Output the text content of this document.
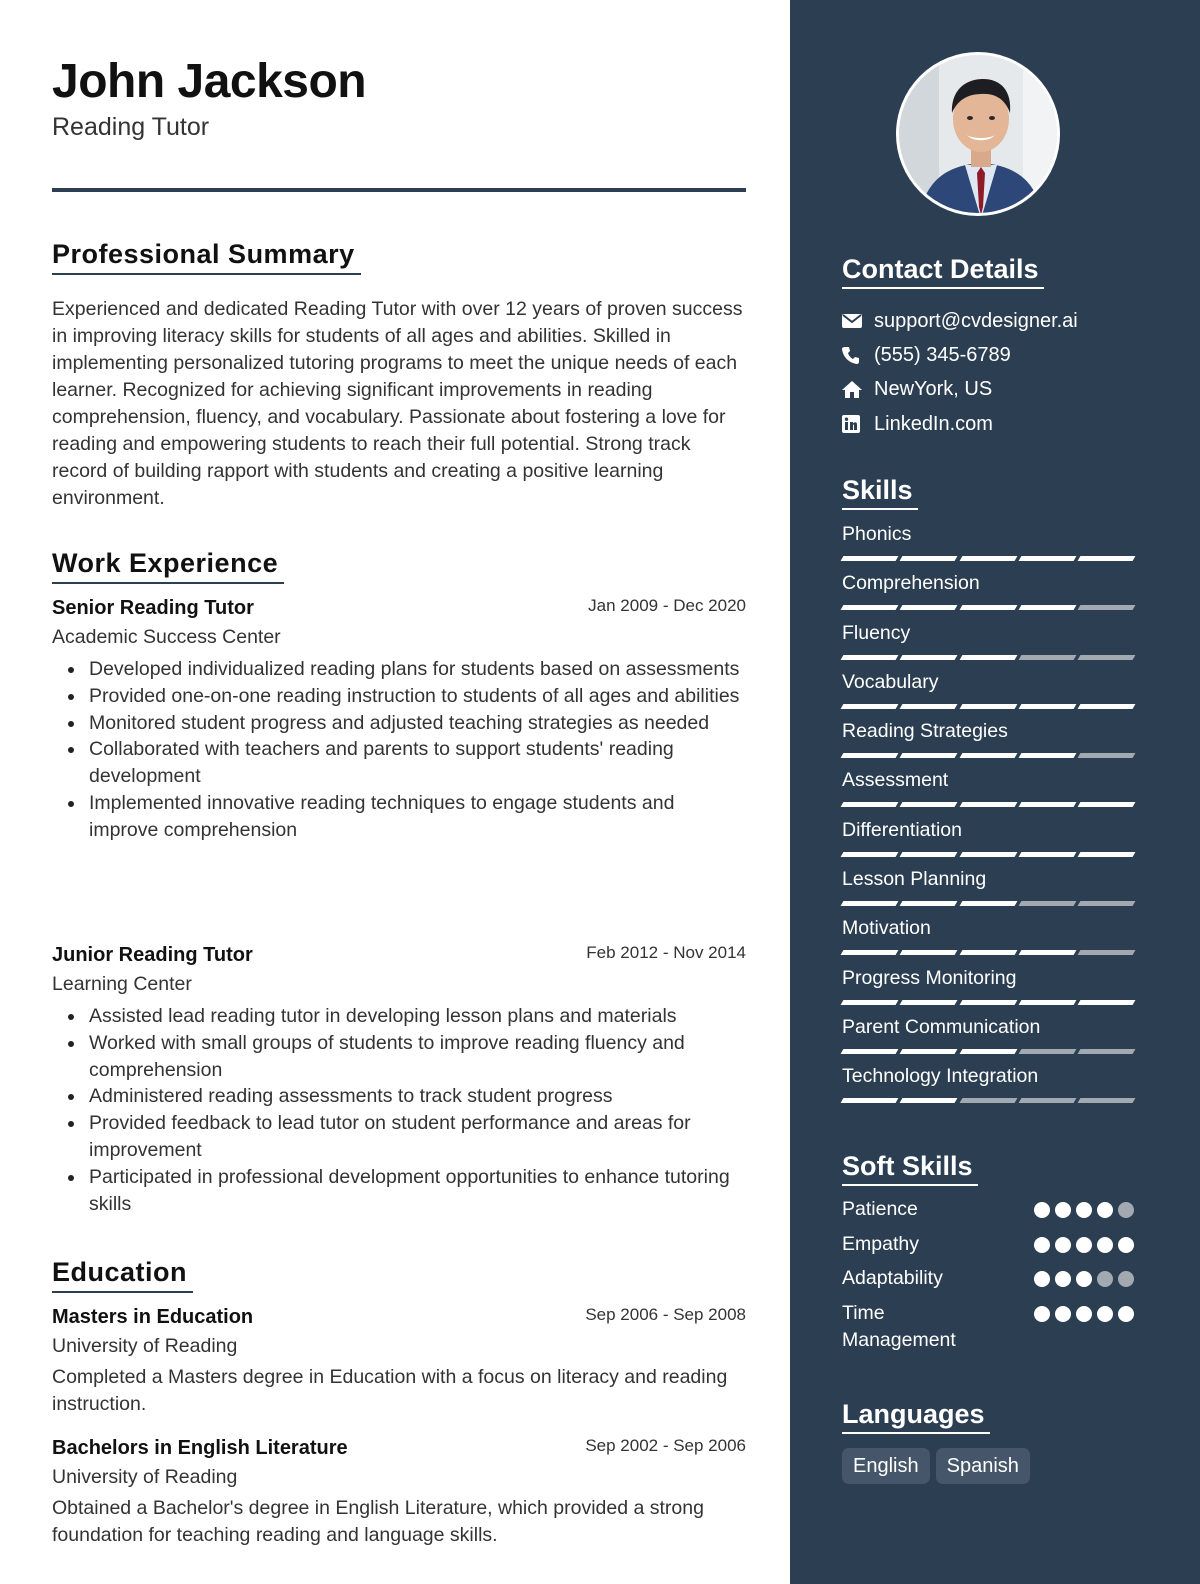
John Jackson
Reading Tutor
Professional Summary
Experienced and dedicated Reading Tutor with over 12 years of proven success in improving literacy skills for students of all ages and abilities. Skilled in implementing personalized tutoring programs to meet the unique needs of each learner. Recognized for achieving significant improvements in reading comprehension, fluency, and vocabulary. Passionate about fostering a love for reading and empowering students to reach their full potential. Strong track record of building rapport with students and creating a positive learning environment.
Work Experience
Senior Reading Tutor	Jan 2009 - Dec 2020
Academic Success Center
Developed individualized reading plans for students based on assessments
Provided one-on-one reading instruction to students of all ages and abilities
Monitored student progress and adjusted teaching strategies as needed
Collaborated with teachers and parents to support students' reading development
Implemented innovative reading techniques to engage students and improve comprehension
Junior Reading Tutor	Feb 2012 - Nov 2014
Learning Center
Assisted lead reading tutor in developing lesson plans and materials
Worked with small groups of students to improve reading fluency and comprehension
Administered reading assessments to track student progress
Provided feedback to lead tutor on student performance and areas for improvement
Participated in professional development opportunities to enhance tutoring skills
Education
Masters in Education	Sep 2006 - Sep 2008
University of Reading
Completed a Masters degree in Education with a focus on literacy and reading instruction.
Bachelors in English Literature	Sep 2002 - Sep 2006
University of Reading
Obtained a Bachelor's degree in English Literature, which provided a strong foundation for teaching reading and language skills.
Contact Details
support@cvdesigner.ai
(555) 345-6789
NewYork, US
LinkedIn.com
Skills
Phonics
Comprehension
Fluency
Vocabulary
Reading Strategies
Assessment
Differentiation
Lesson Planning
Motivation
Progress Monitoring
Parent Communication
Technology Integration
Soft Skills
Patience
Empathy
Adaptability
Time Management
Languages
English	Spanish
